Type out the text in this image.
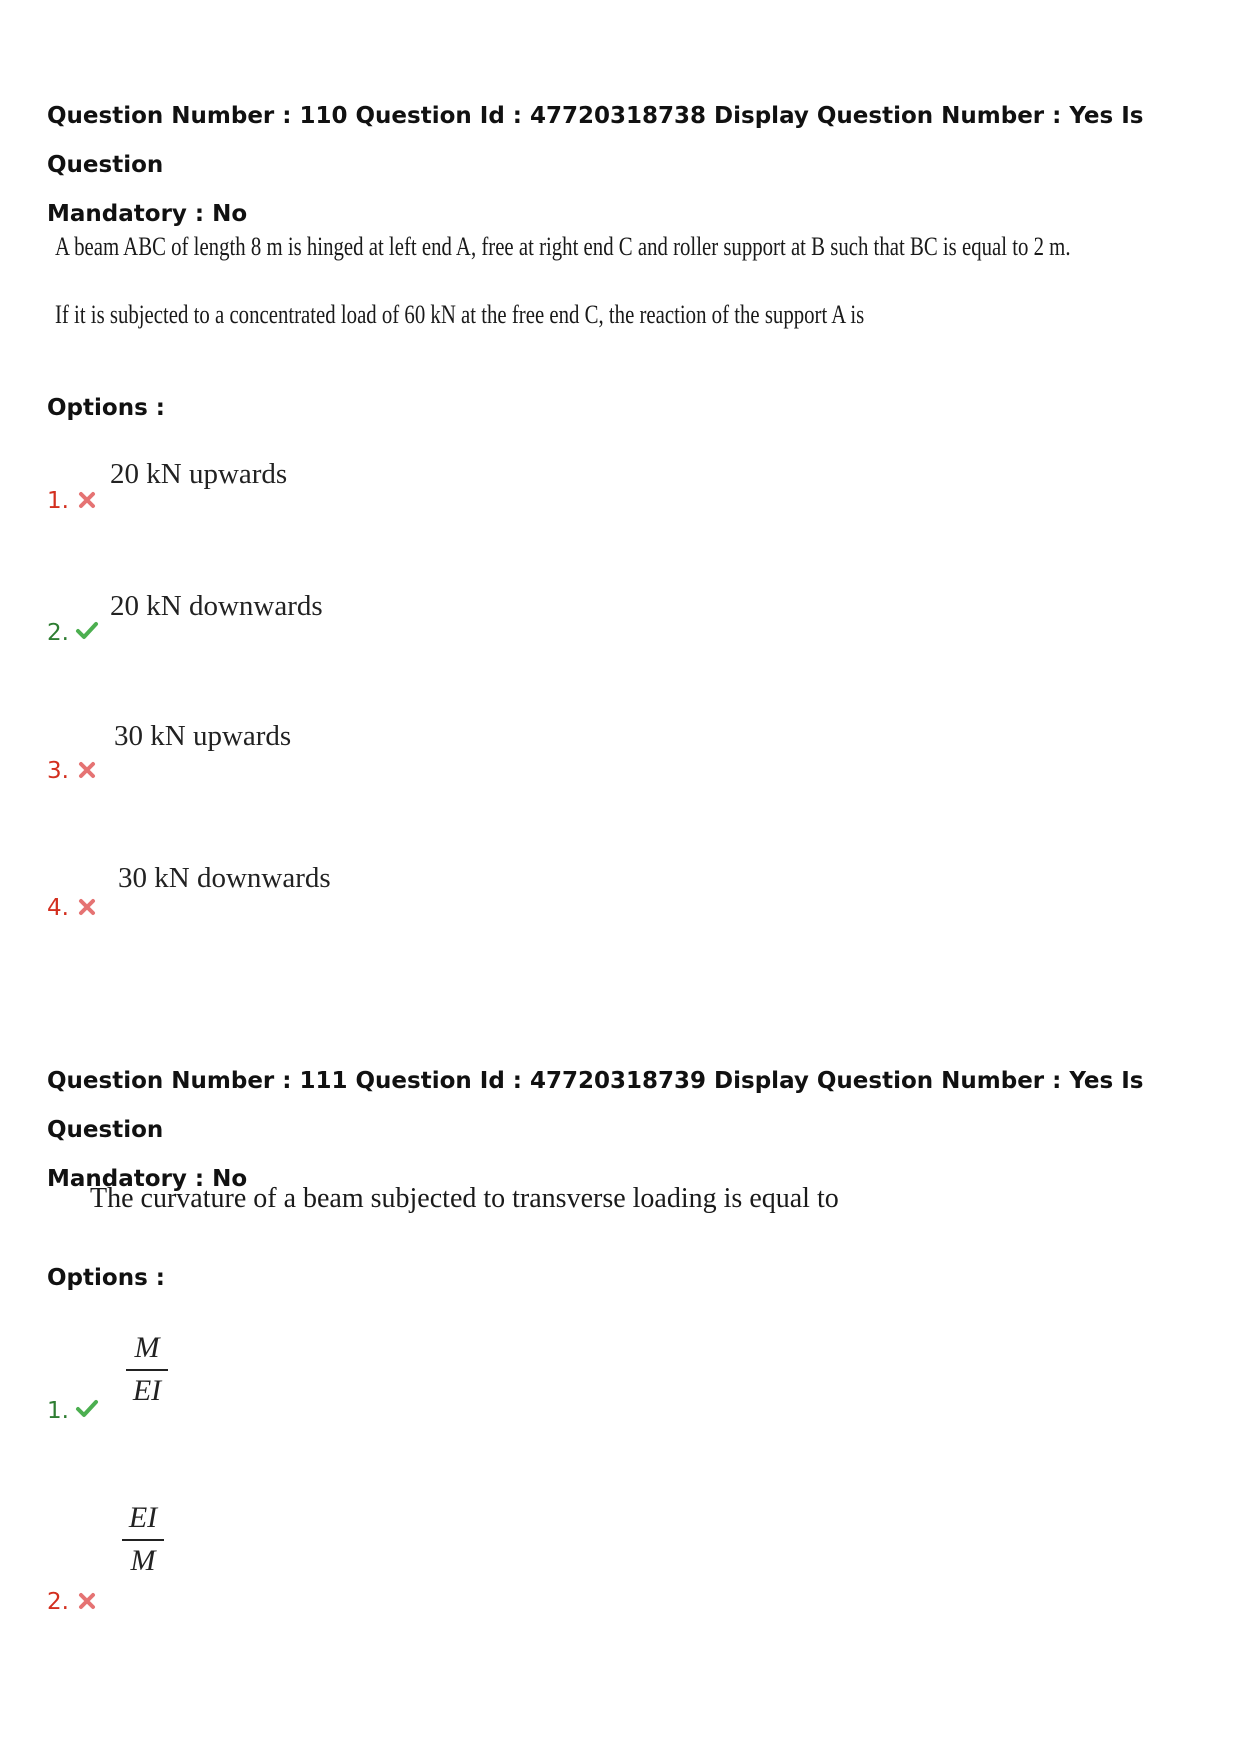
Question Number : 110 Question Id : 47720318738 Display Question Number : Yes Is Question
Mandatory : No
A beam ABC of length 8 m is hinged at left end A, free at right end C and roller support at B such that BC is equal to 2 m.
If it is subjected to a concentrated load of 60 kN at the free end C, the reaction of the support A is
Options :
1.
20 kN upwards
2.
20 kN downwards
3.
30 kN upwards
4.
30 kN downwards
Question Number : 111 Question Id : 47720318739 Display Question Number : Yes Is Question
Mandatory : No
The curvature of a beam subjected to transverse loading is equal to
Options :
1.
M
EI
2.
EI
M
